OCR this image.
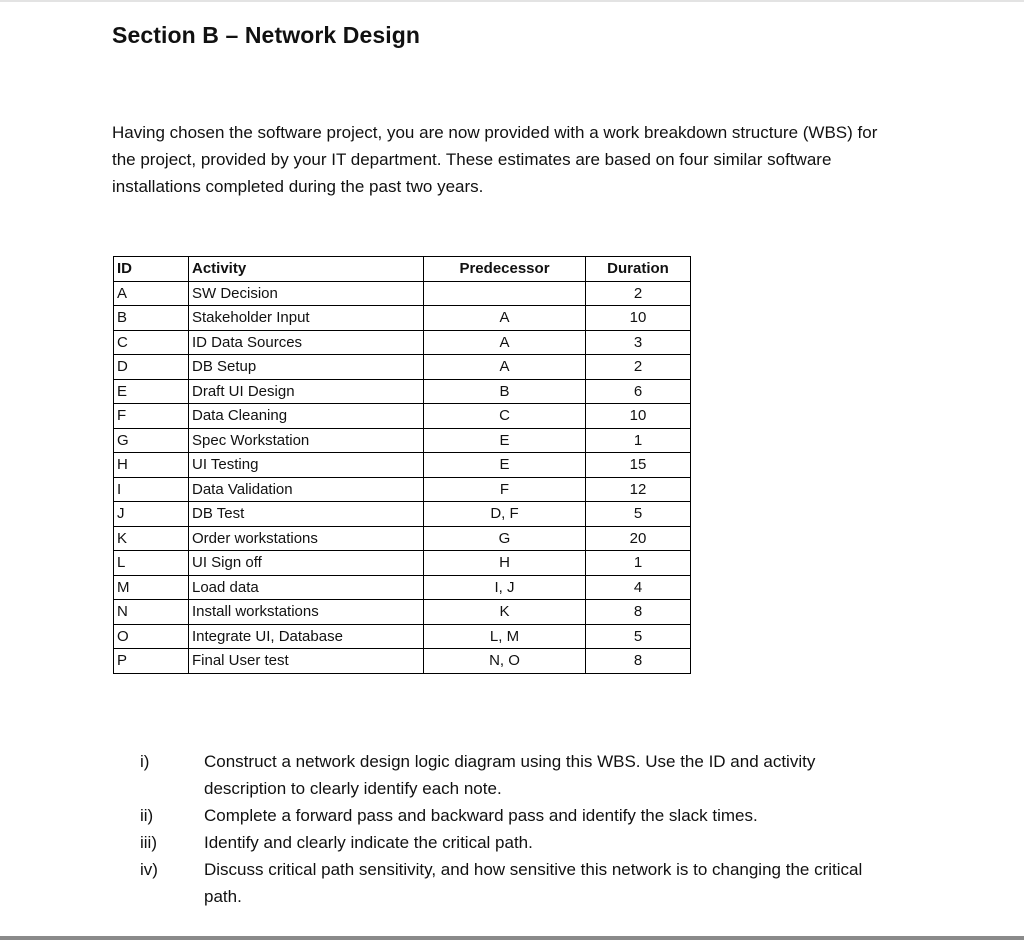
Section B – Network Design
Having chosen the software project, you are now provided with a work breakdown structure (WBS) for the project, provided by your IT department. These estimates are based on four similar software installations completed during the past two years.
ID	Activity	Predecessor	Duration
A	SW Decision		2
B	Stakeholder Input	A	10
C	ID Data Sources	A	3
D	DB Setup	A	2
E	Draft UI Design	B	6
F	Data Cleaning	C	10
G	Spec Workstation	E	1
H	UI Testing	E	15
I	Data Validation	F	12
J	DB Test	D, F	5
K	Order workstations	G	20
L	UI Sign off	H	1
M	Load data	I, J	4
N	Install workstations	K	8
O	Integrate UI, Database	L, M	5
P	Final User test	N, O	8
i)	Construct a network design logic diagram using this WBS. Use the ID and activity description to clearly identify each note.
ii)	Complete a forward pass and backward pass and identify the slack times.
iii)	Identify and clearly indicate the critical path.
iv)	Discuss critical path sensitivity, and how sensitive this network is to changing the critical path.
